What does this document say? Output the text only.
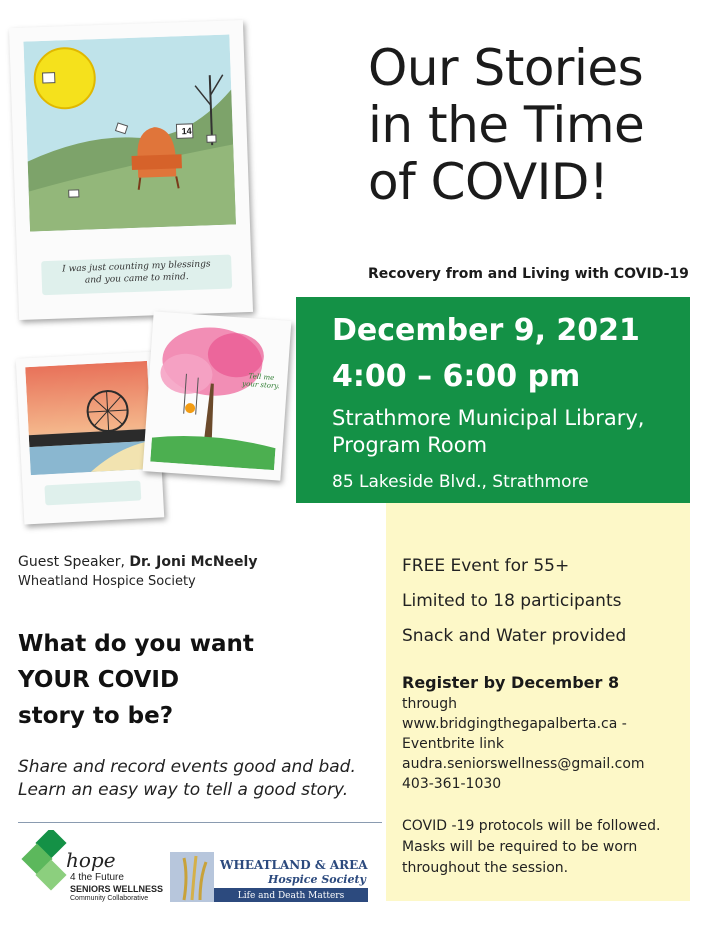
14
I was just counting my blessings
and you came to mind.
Tell me your story.
Our Stories
in the Time
of COVID!
Recovery from and Living with COVID-19
December 9, 2021
4:00 – 6:00 pm
Strathmore Municipal Library,
Program Room
85 Lakeside Blvd., Strathmore
FREE Event for 55+
Limited to 18 participants
Snack and Water provided
Register by December 8
through
www.bridgingthegapalberta.ca -
Eventbrite link
audra.seniorswellness@gmail.com
403-361-1030
COVID -19 protocols will be followed. Masks will be required to be worn throughout the session.
Guest Speaker, Dr. Joni McNeely
Wheatland Hospice Society
What do you want
YOUR COVID
story to be?
Share and record events good and bad.
Learn an easy way to tell a good story.
hope
4 the Future
SENIORS WELLNESS
Community Collaborative
WHEATLAND & AREA
Hospice Society
Life and Death Matters
